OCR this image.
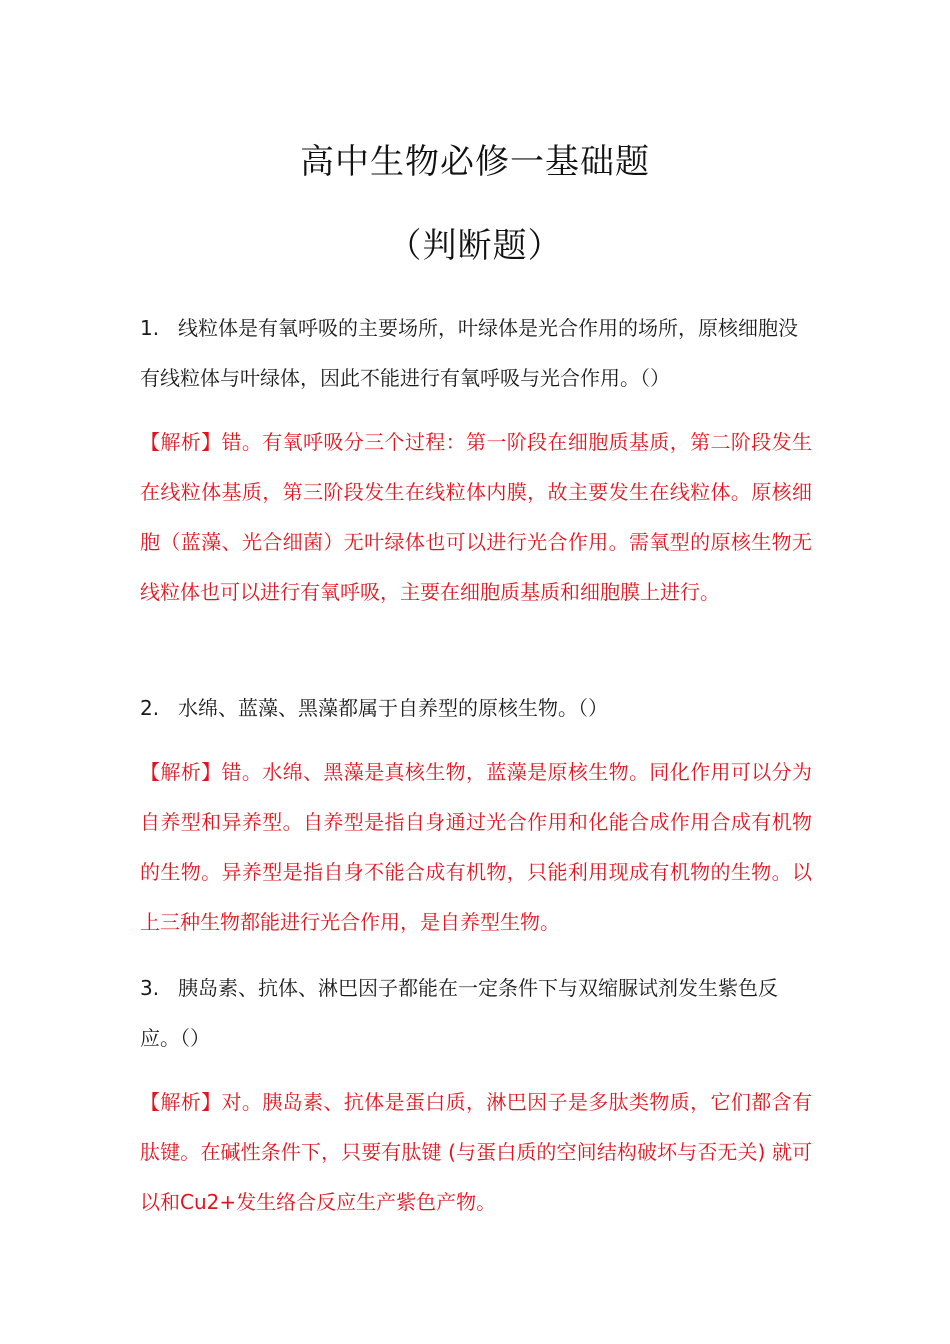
高中生物必修一基础题
（判断题）

1. 线粒体是有氧呼吸的主要场所，叶绿体是光合作用的场所，原核细胞没有线粒体与叶绿体，因此不能进行有氧呼吸与光合作用。（）

【解析】错。有氧呼吸分三个过程：第一阶段在细胞质基质，第二阶段发生在线粒体基质，第三阶段发生在线粒体内膜，故主要发生在线粒体。原核细胞（蓝藻、光合细菌）无叶绿体也可以进行光合作用。需氧型的原核生物无线粒体也可以进行有氧呼吸，主要在细胞质基质和细胞膜上进行。

2. 水绵、蓝藻、黑藻都属于自养型的原核生物。（）

【解析】错。水绵、黑藻是真核生物，蓝藻是原核生物。同化作用可以分为自养型和异养型。自养型是指自身通过光合作用和化能合成作用合成有机物的生物。异养型是指自身不能合成有机物，只能利用现成有机物的生物。以上三种生物都能进行光合作用，是自养型生物。

3. 胰岛素、抗体、淋巴因子都能在一定条件下与双缩脲试剂发生紫色反应。（）

【解析】对。胰岛素、抗体是蛋白质，淋巴因子是多肽类物质，它们都含有肽键。在碱性条件下，只要有肽键 (与蛋白质的空间结构破坏与否无关) 就可以和Cu2+发生络合反应生产紫色产物。
